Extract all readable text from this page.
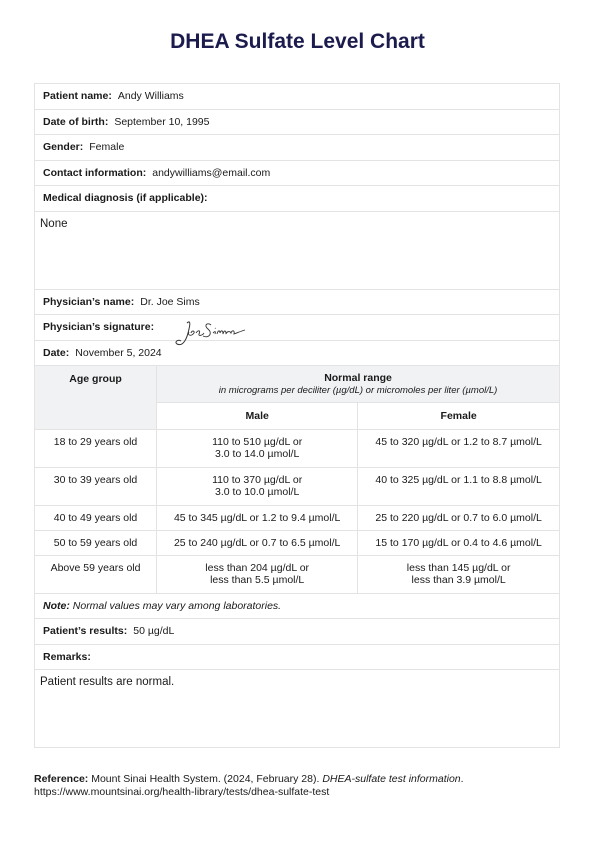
DHEA Sulfate Level Chart
Patient name: Andy Williams
Date of birth: September 10, 1995
Gender: Female
Contact information: andywilliams@email.com
Medical diagnosis (if applicable):
None
Physician’s name: Dr. Joe Sims
Physician’s signature:
Date: November 5, 2024
Age group	Normal range
in micrograms per deciliter (µg/dL) or micromoles per liter (µmol/L)	

	Male	Female
18 to 29 years old	110 to 510 µg/dL or
3.0 to 14.0 µmol/L	45 to 320 µg/dL or 1.2 to 8.7 µmol/L
30 to 39 years old	110 to 370 µg/dL or
3.0 to 10.0 µmol/L	40 to 325 µg/dL or 1.1 to 8.8 µmol/L
40 to 49 years old	45 to 345 µg/dL or 1.2 to 9.4 µmol/L	25 to 220 µg/dL or 0.7 to 6.0 µmol/L
50 to 59 years old	25 to 240 µg/dL or 0.7 to 6.5 µmol/L	15 to 170 µg/dL or 0.4 to 4.6 µmol/L
Above 59 years old	less than 204 µg/dL or
less than 5.5 µmol/L	less than 145 µg/dL or
less than 3.9 µmol/L
Note:
Normal values may vary among laboratories.
Patient’s results: 50 µg/dL
Remarks:
Patient results are normal.
Reference: Mount Sinai Health System. (2024, February 28). DHEA-sulfate test information. https://www.mountsinai.org/health-library/tests/dhea-sulfate-test
